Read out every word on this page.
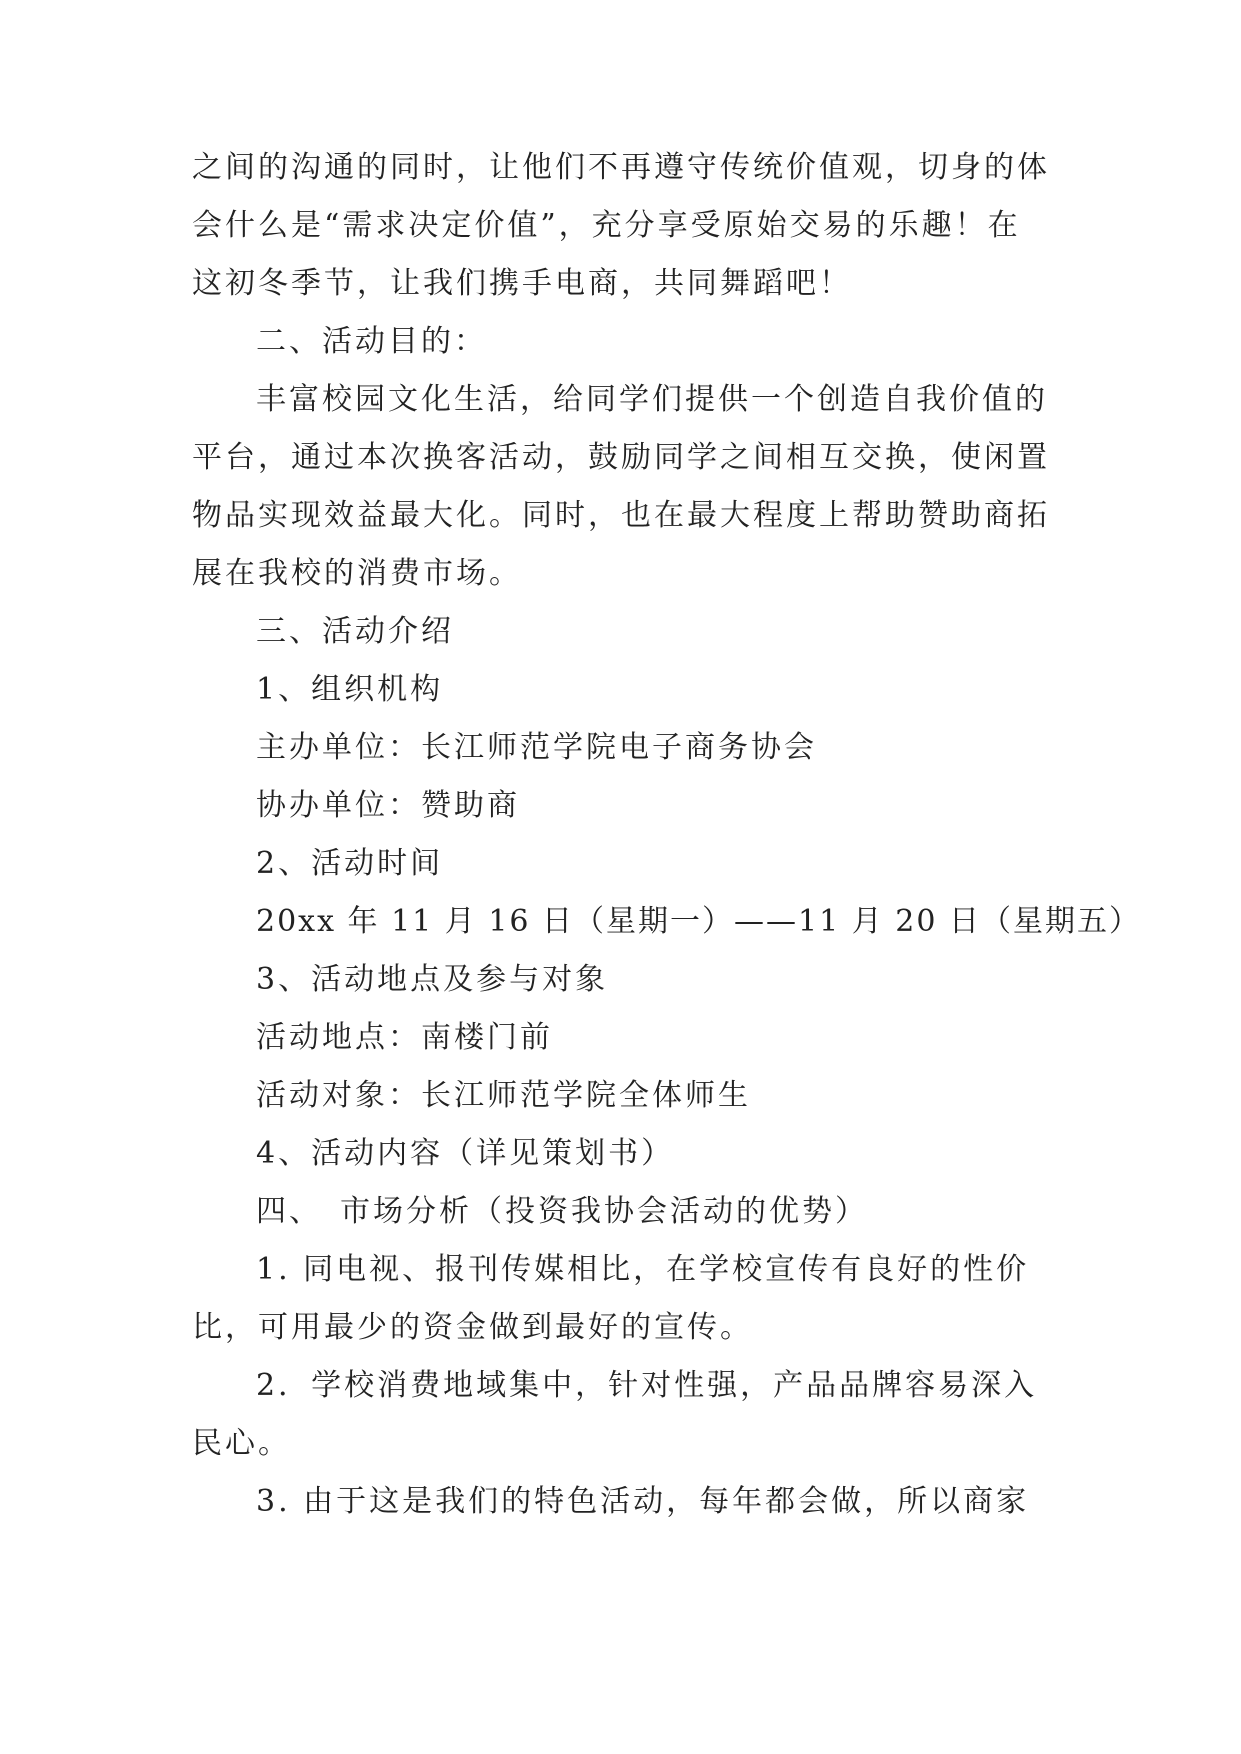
之间的沟通的同时，让他们不再遵守传统价值观，切身的体
会什么是“需求决定价值”，充分享受原始交易的乐趣！在
这初冬季节，让我们携手电商，共同舞蹈吧！
二、活动目的：
丰富校园文化生活，给同学们提供一个创造自我价值的
平台，通过本次换客活动，鼓励同学之间相互交换，使闲置
物品实现效益最大化。同时，也在最大程度上帮助赞助商拓
展在我校的消费市场。
三、活动介绍
1、组织机构
主办单位：长江师范学院电子商务协会
协办单位：赞助商
2、活动时间
20xx 年 11 月 16 日（星期一）——11 月 20 日（星期五）
3、活动地点及参与对象
活动地点：南楼门前
活动对象：长江师范学院全体师生
4、活动内容（详见策划书）
四、　市场分析（投资我协会活动的优势）
1. 同电视、报刊传媒相比，在学校宣传有良好的性价
比，可用最少的资金做到最好的宣传。
2．学校消费地域集中，针对性强，产品品牌容易深入
民心。
3. 由于这是我们的特色活动，每年都会做，所以商家
